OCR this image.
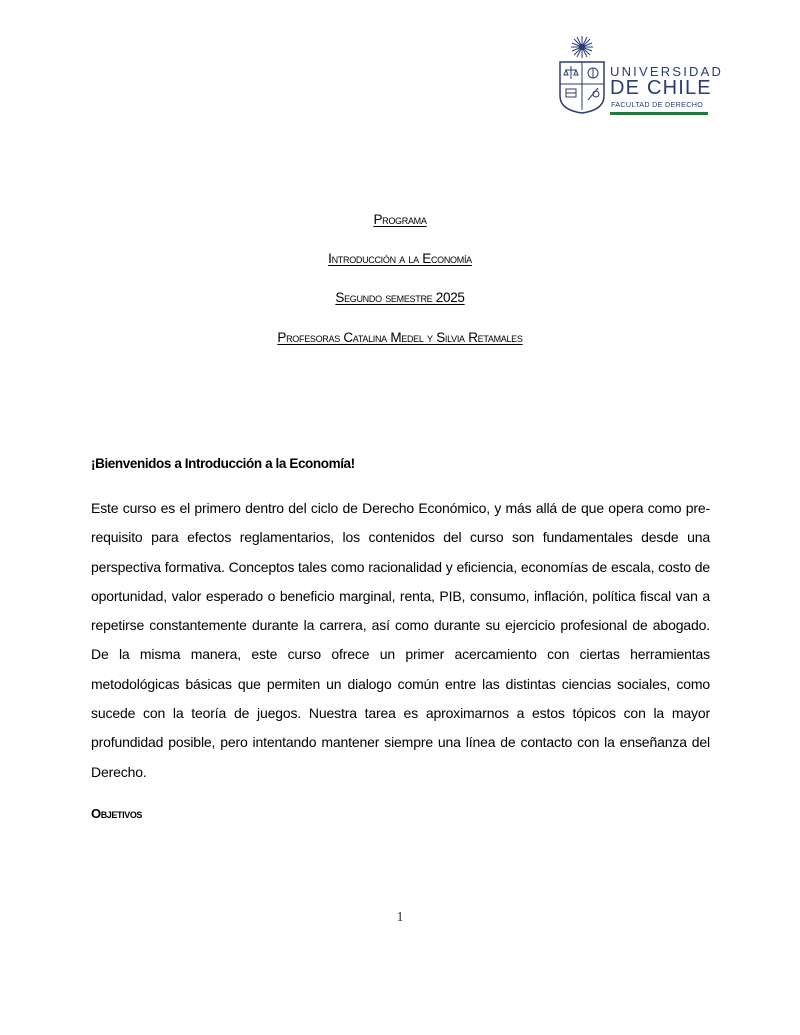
UNIVERSIDAD
DE CHILE
FACULTAD DE DERECHO
Programa
Introducción a la Economía
Segundo semestre 2025
Profesoras Catalina Medel y Silvia Retamales
¡Bienvenidos a Introducción a la Economía!
Este curso es el primero dentro del ciclo de Derecho Económico, y más allá de que opera como pre-requisito para efectos reglamentarios, los contenidos del curso son fundamentales desde una perspectiva formativa. Conceptos tales como racionalidad y eficiencia, economías de escala, costo de oportunidad, valor esperado o beneficio marginal, renta, PIB, consumo, inflación, política fiscal van a repetirse constantemente durante la carrera, así como durante su ejercicio profesional de abogado. De la misma manera, este curso ofrece un primer acercamiento con ciertas herramientas metodológicas básicas que permiten un dialogo común entre las distintas ciencias sociales, como sucede con la teoría de juegos. Nuestra tarea es aproximarnos a estos tópicos con la mayor profundidad posible, pero intentando mantener siempre una línea de contacto con la enseñanza del Derecho.
Objetivos
1
